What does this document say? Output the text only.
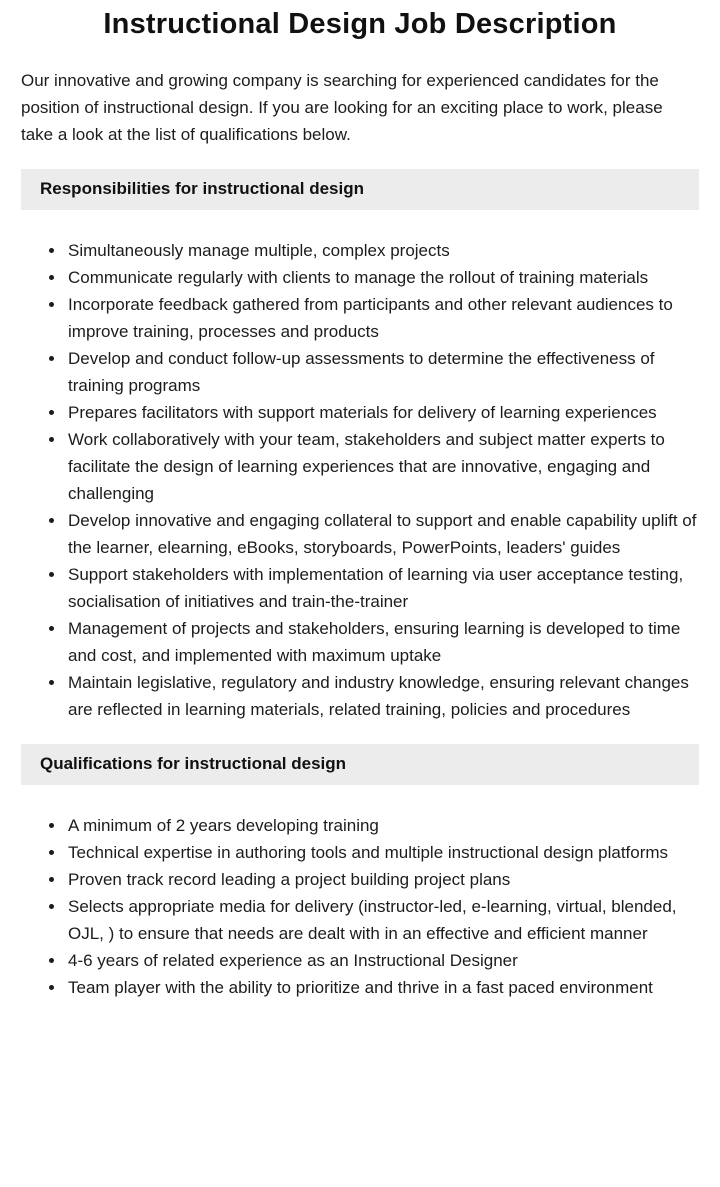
Instructional Design Job Description

Our innovative and growing company is searching for experienced candidates for the position of instructional design. If you are looking for an exciting place to work, please take a look at the list of qualifications below.

Responsibilities for instructional design
• Simultaneously manage multiple, complex projects
• Communicate regularly with clients to manage the rollout of training materials
• Incorporate feedback gathered from participants and other relevant audiences to improve training, processes and products
• Develop and conduct follow-up assessments to determine the effectiveness of training programs
• Prepares facilitators with support materials for delivery of learning experiences
• Work collaboratively with your team, stakeholders and subject matter experts to facilitate the design of learning experiences that are innovative, engaging and challenging
• Develop innovative and engaging collateral to support and enable capability uplift of the learner, elearning, eBooks, storyboards, PowerPoints, leaders' guides
• Support stakeholders with implementation of learning via user acceptance testing, socialisation of initiatives and train-the-trainer
• Management of projects and stakeholders, ensuring learning is developed to time and cost, and implemented with maximum uptake
• Maintain legislative, regulatory and industry knowledge, ensuring relevant changes are reflected in learning materials, related training, policies and procedures
Qualifications for instructional design
• A minimum of 2 years developing training
• Technical expertise in authoring tools and multiple instructional design platforms
• Proven track record leading a project building project plans
• Selects appropriate media for delivery (instructor-led, e-learning, virtual, blended, OJL, ) to ensure that needs are dealt with in an effective and efficient manner
• 4-6 years of related experience as an Instructional Designer
• Team player with the ability to prioritize and thrive in a fast paced environment
